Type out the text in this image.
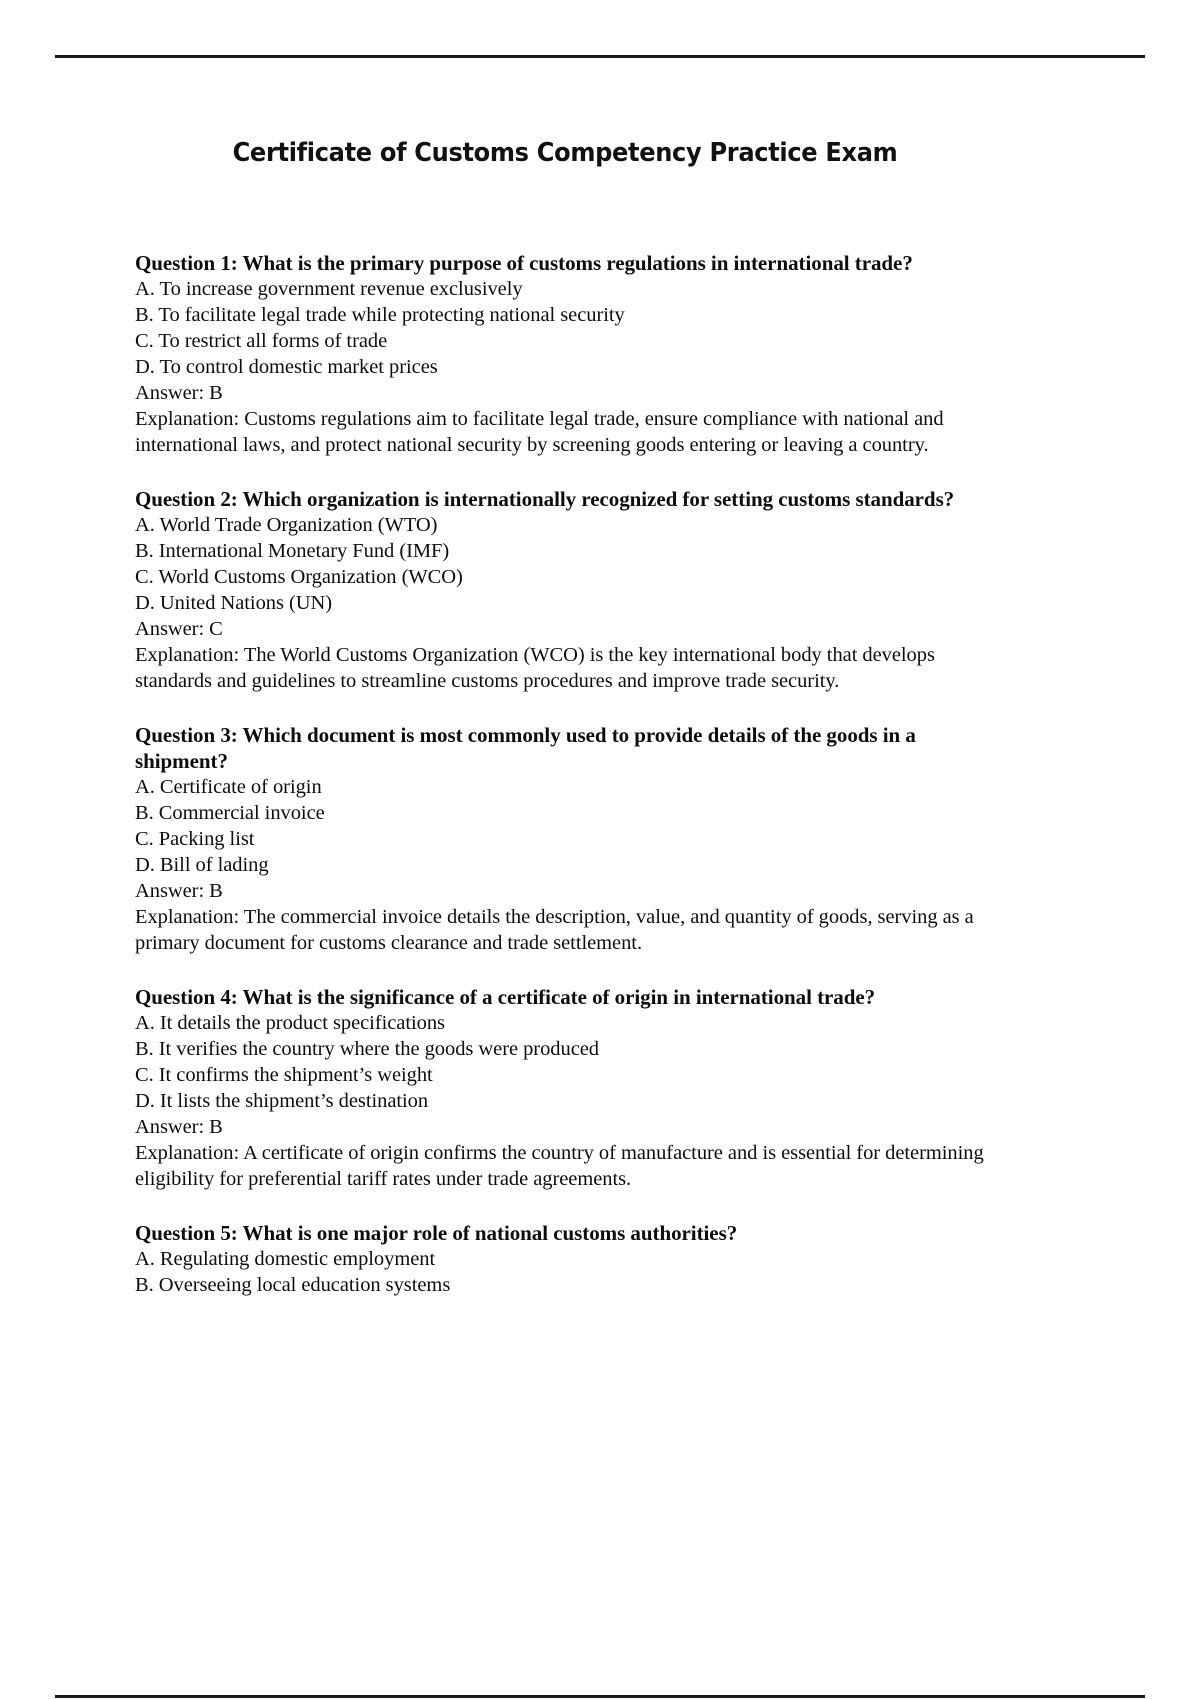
Certificate of Customs Competency Practice Exam

Question 1: What is the primary purpose of customs regulations in international trade?

A. To increase government revenue exclusively

B. To facilitate legal trade while protecting national security

C. To restrict all forms of trade

D. To control domestic market prices

Answer: B

Explanation: Customs regulations aim to facilitate legal trade, ensure compliance with national and international laws, and protect national security by screening goods entering or leaving a country.

Question 2: Which organization is internationally recognized for setting customs standards?

A. World Trade Organization (WTO)

B. International Monetary Fund (IMF)

C. World Customs Organization (WCO)

D. United Nations (UN)

Answer: C

Explanation: The World Customs Organization (WCO) is the key international body that develops standards and guidelines to streamline customs procedures and improve trade security.

Question 3: Which document is most commonly used to provide details of the goods in a shipment?

A. Certificate of origin

B. Commercial invoice

C. Packing list

D. Bill of lading

Answer: B

Explanation: The commercial invoice details the description, value, and quantity of goods, serving as a primary document for customs clearance and trade settlement.

Question 4: What is the significance of a certificate of origin in international trade?

A. It details the product specifications

B. It verifies the country where the goods were produced

C. It confirms the shipment’s weight

D. It lists the shipment’s destination

Answer: B

Explanation: A certificate of origin confirms the country of manufacture and is essential for determining eligibility for preferential tariff rates under trade agreements.

Question 5: What is one major role of national customs authorities?

A. Regulating domestic employment

B. Overseeing local education systems
